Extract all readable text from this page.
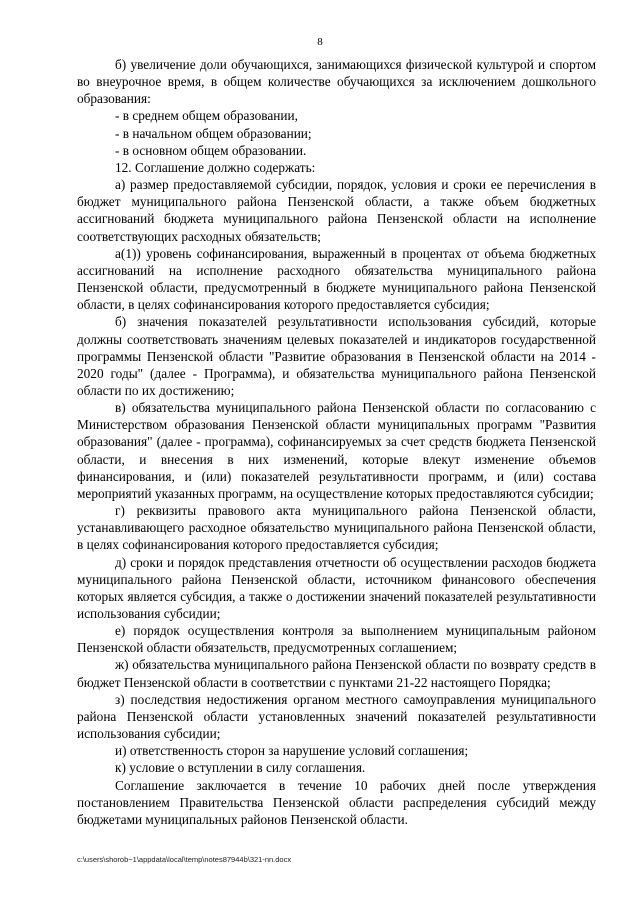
8

б) увеличение доли обучающихся, занимающихся физической культурой и спортом во внеурочное время, в общем количестве обучающихся за исключением дошкольного образования:

- в среднем общем образовании,

- в начальном общем образовании;

- в основном общем образовании.

12. Соглашение должно содержать:

а) размер предоставляемой субсидии, порядок, условия и сроки ее перечисления в бюджет муниципального района Пензенской области, а также объем бюджетных ассигнований бюджета муниципального района Пензенской области на исполнение соответствующих расходных обязательств;

а(1)) уровень софинансирования, выраженный в процентах от объема бюджетных ассигнований на исполнение расходного обязательства муниципального района Пензенской области, предусмотренный в бюджете муниципального района Пензенской области, в целях софинансирования которого предоставляется субсидия;

б) значения показателей результативности использования субсидий, которые должны соответствовать значениям целевых показателей и индикаторов государственной программы Пензенской области "Развитие образования в Пензенской области на 2014 - 2020 годы" (далее - Программа), и обязательства муниципального района Пензенской области по их достижению;

в) обязательства муниципального района Пензенской области по согласованию с Министерством образования Пензенской области муниципальных программ "Развития образования" (далее - программа), софинансируемых за счет средств бюджета Пензенской области, и внесения в них изменений, которые влекут изменение объемов финансирования, и (или) показателей результативности программ, и (или) состава мероприятий указанных программ, на осуществление которых предоставляются субсидии;

г) реквизиты правового акта муниципального района Пензенской области, устанавливающего расходное обязательство муниципального района Пензенской области, в целях софинансирования которого предоставляется субсидия;

д) сроки и порядок представления отчетности об осуществлении расходов бюджета муниципального района Пензенской области, источником финансового обеспечения которых является субсидия, а также о достижении значений показателей результативности использования субсидии;

е) порядок осуществления контроля за выполнением муниципальным районом Пензенской области обязательств, предусмотренных соглашением;

ж) обязательства муниципального района Пензенской области по возврату средств в бюджет Пензенской области в соответствии с пунктами 21-22 настоящего Порядка;

з) последствия недостижения органом местного самоуправления муниципального района Пензенской области установленных значений показателей результативности использования субсидии;

и) ответственность сторон за нарушение условий соглашения;

к) условие о вступлении в силу соглашения.

Соглашение заключается в течение 10 рабочих дней после утверждения постановлением Правительства Пензенской области распределения субсидий между бюджетами муниципальных районов Пензенской области.

c:\users\shorob~1\appdata\local\temp\notes87944b\321-nn.docx
